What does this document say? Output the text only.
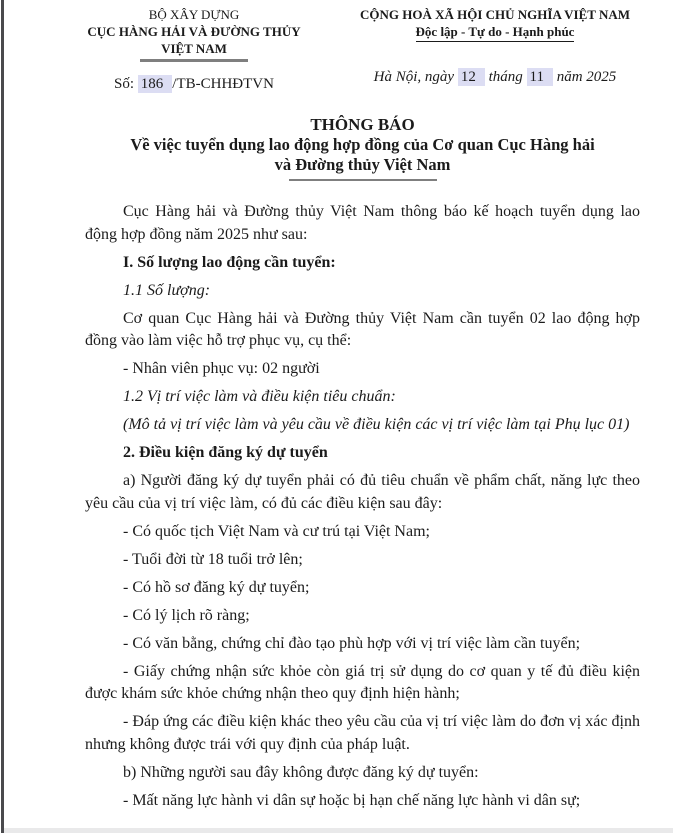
BỘ XÂY DỰNG
CỤC HÀNG HẢI VÀ ĐƯỜNG THỦY
VIỆT NAM
Số: 186 /TB-CHHĐTVN
CỘNG HOÀ XÃ HỘI CHỦ NGHĨA VIỆT NAM
Độc lập - Tự do - Hạnh phúc
Hà Nội, ngày 12 tháng 11 năm 2025
THÔNG BÁO
Về việc tuyển dụng lao động hợp đồng của Cơ quan Cục Hàng hải
và Đường thủy Việt Nam
Cục Hàng hải và Đường thủy Việt Nam thông báo kế hoạch tuyển dụng lao động hợp đồng năm 2025 như sau:
I. Số lượng lao động cần tuyển:
1.1 Số lượng:
Cơ quan Cục Hàng hải và Đường thủy Việt Nam cần tuyển 02 lao động hợp đồng vào làm việc hỗ trợ phục vụ, cụ thể:
- Nhân viên phục vụ: 02 người
1.2 Vị trí việc làm và điều kiện tiêu chuẩn:
(Mô tả vị trí việc làm và yêu cầu về điều kiện các vị trí việc làm tại Phụ lục 01)
2. Điều kiện đăng ký dự tuyển
a) Người đăng ký dự tuyển phải có đủ tiêu chuẩn về phẩm chất, năng lực theo yêu cầu của vị trí việc làm, có đủ các điều kiện sau đây:
- Có quốc tịch Việt Nam và cư trú tại Việt Nam;
- Tuổi đời từ 18 tuổi trở lên;
- Có hồ sơ đăng ký dự tuyển;
- Có lý lịch rõ ràng;
- Có văn bằng, chứng chỉ đào tạo phù hợp với vị trí việc làm cần tuyển;
- Giấy chứng nhận sức khỏe còn giá trị sử dụng do cơ quan y tế đủ điều kiện được khám sức khỏe chứng nhận theo quy định hiện hành;
- Đáp ứng các điều kiện khác theo yêu cầu của vị trí việc làm do đơn vị xác định nhưng không được trái với quy định của pháp luật.
b) Những người sau đây không được đăng ký dự tuyển:
- Mất năng lực hành vi dân sự hoặc bị hạn chế năng lực hành vi dân sự;
